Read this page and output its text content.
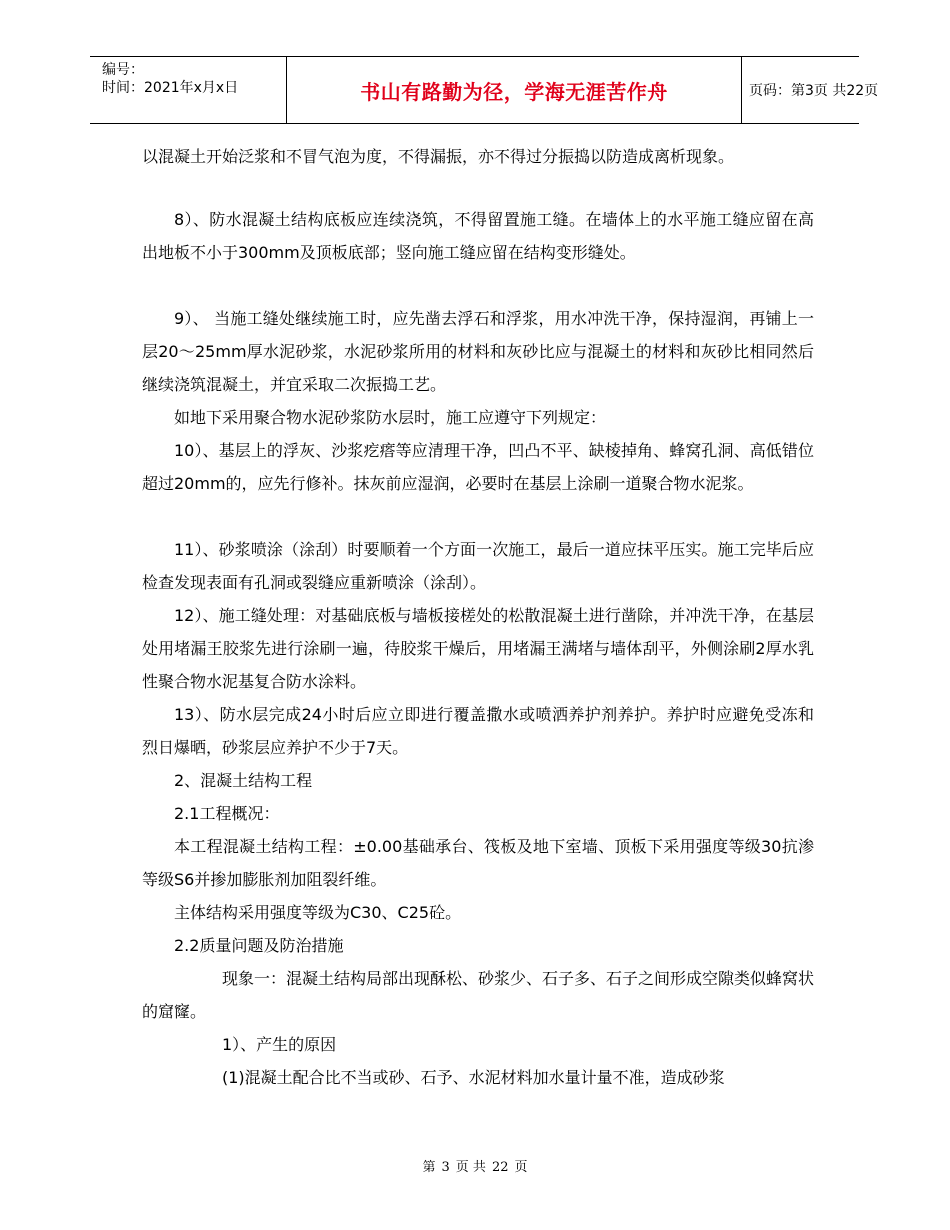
编号：
时间：2021年x月x日	书山有路勤为径，学海无涯苦作舟	页码：第3页 共22页

以混凝土开始泛浆和不冒气泡为度，不得漏振，亦不得过分振捣以防造成离析现象。

8）、防水混凝土结构底板应连续浇筑，不得留置施工缝。在墙体上的水平施工缝应留在高出地板不小于300mm及顶板底部；竖向施工缝应留在结构变形缝处。

9）、 当施工缝处继续施工时，应先凿去浮石和浮浆，用水冲洗干净，保持湿润，再铺上一层20～25mm厚水泥砂浆，水泥砂浆所用的材料和灰砂比应与混凝土的材料和灰砂比相同然后继续浇筑混凝土，并宜采取二次振捣工艺。

如地下采用聚合物水泥砂浆防水层时，施工应遵守下列规定：

10）、基层上的浮灰、沙浆疙瘩等应清理干净，凹凸不平、缺棱掉角、蜂窝孔洞、高低错位超过20mm的，应先行修补。抹灰前应湿润，必要时在基层上涂刷一道聚合物水泥浆。

11）、砂浆喷涂（涂刮）时要顺着一个方面一次施工，最后一道应抹平压实。施工完毕后应检查发现表面有孔洞或裂缝应重新喷涂（涂刮）。

12）、施工缝处理：对基础底板与墙板接槎处的松散混凝土进行凿除，并冲洗干净，在基层处用堵漏王胶浆先进行涂刷一遍，待胶浆干燥后，用堵漏王满堵与墙体刮平，外侧涂刷2厚水乳性聚合物水泥基复合防水涂料。

13）、防水层完成24小时后应立即进行覆盖撒水或喷洒养护剂养护。养护时应避免受冻和烈日爆晒，砂浆层应养护不少于7天。

2、混凝土结构工程

2.1工程概况：

本工程混凝土结构工程：±0.00基础承台、筏板及地下室墙、顶板下采用强度等级30抗渗等级S6并掺加膨胀剂加阻裂纤维。

主体结构采用强度等级为C30、C25砼。

2.2质量问题及防治措施

现象一：混凝土结构局部出现酥松、砂浆少、石子多、石子之间形成空隙类似蜂窝状的窟窿。

1）、产生的原因

(1)混凝土配合比不当或砂、石予、水泥材料加水量计量不准，造成砂浆

第 3 页 共 22 页
